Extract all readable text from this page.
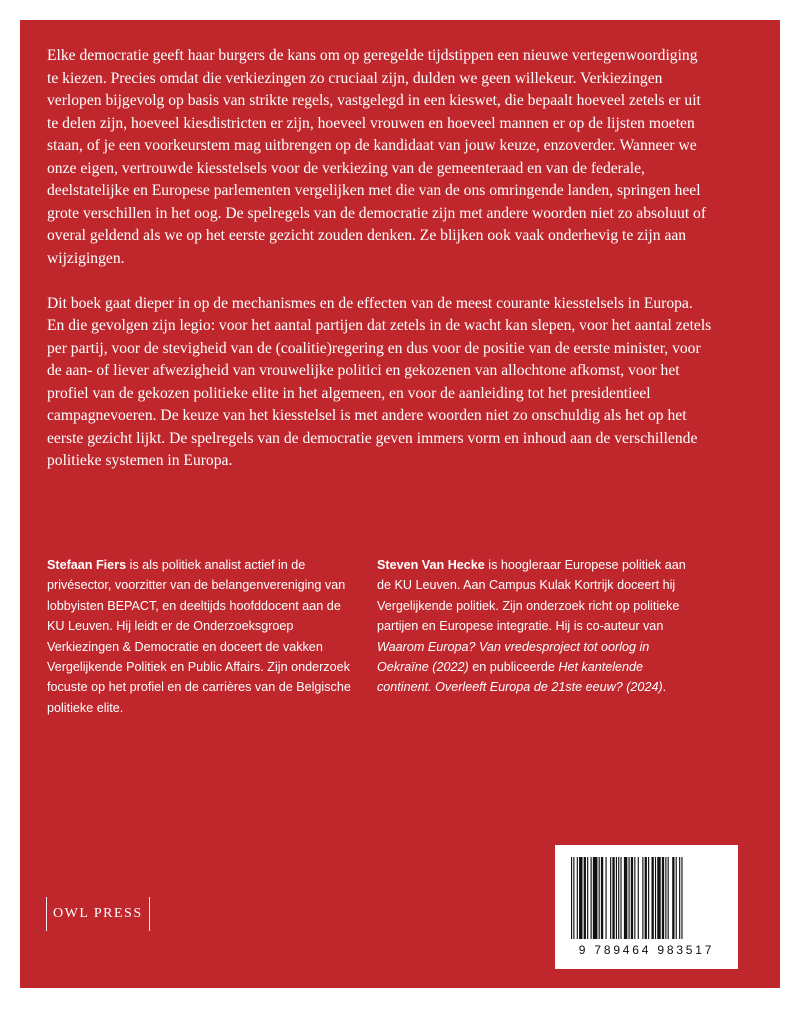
Elke democratie geeft haar burgers de kans om op geregelde tijdstippen een nieuwe vertegenwoordiging te kiezen. Precies omdat die verkiezingen zo cruciaal zijn, dulden we geen willekeur. Verkiezingen verlopen bijgevolg op basis van strikte regels, vastgelegd in een kieswet, die bepaalt hoeveel zetels er uit te delen zijn, hoeveel kiesdistricten er zijn, hoeveel vrouwen en hoeveel mannen er op de lijsten moeten staan, of je een voorkeurstem mag uitbrengen op de kandidaat van jouw keuze, enzoverder. Wanneer we onze eigen, vertrouwde kiesstelsels voor de verkiezing van de gemeenteraad en van de federale, deelstatelijke en Europese parlementen vergelijken met die van de ons omringende landen, springen heel grote verschillen in het oog. De spelregels van de democratie zijn met andere woorden niet zo absoluut of overal geldend als we op het eerste gezicht zouden denken. Ze blijken ook vaak onderhevig te zijn aan wijzigingen.

Dit boek gaat dieper in op de mechanismes en de effecten van de meest courante kiesstelsels in Europa. En die gevolgen zijn legio: voor het aantal partijen dat zetels in de wacht kan slepen, voor het aantal zetels per partij, voor de stevigheid van de (coalitie)regering en dus voor de positie van de eerste minister, voor de aan- of liever afwezigheid van vrouwelijke politici en gekozenen van allochtone afkomst, voor het profiel van de gekozen politieke elite in het algemeen, en voor de aanleiding tot het presidentieel campagnevoeren. De keuze van het kiesstelsel is met andere woorden niet zo onschuldig als het op het eerste gezicht lijkt. De spelregels van de democratie geven immers vorm en inhoud aan de verschillende politieke systemen in Europa.

Stefaan Fiers is als politiek analist actief in de privésector, voorzitter van de belangenvereniging van lobbyisten BEPACT, en deeltijds hoofddocent aan de KU Leuven. Hij leidt er de Onderzoeksgroep Verkiezingen & Democratie en doceert de vakken Vergelijkende Politiek en Public Affairs. Zijn onderzoek focuste op het profiel en de carrières van de Belgische politieke elite.
Steven Van Hecke is hoogleraar Europese politiek aan de KU Leuven. Aan Campus Kulak Kortrijk doceert hij Vergelijkende politiek. Zijn onderzoek richt op politieke partijen en Europese integratie. Hij is co-auteur van Waarom Europa? Van vredesproject tot oorlog in Oekraïne (2022) en publiceerde Het kantelende continent. Overleeft Europa de 21ste eeuw? (2024).
OWL PRESS
9 789464 983517
